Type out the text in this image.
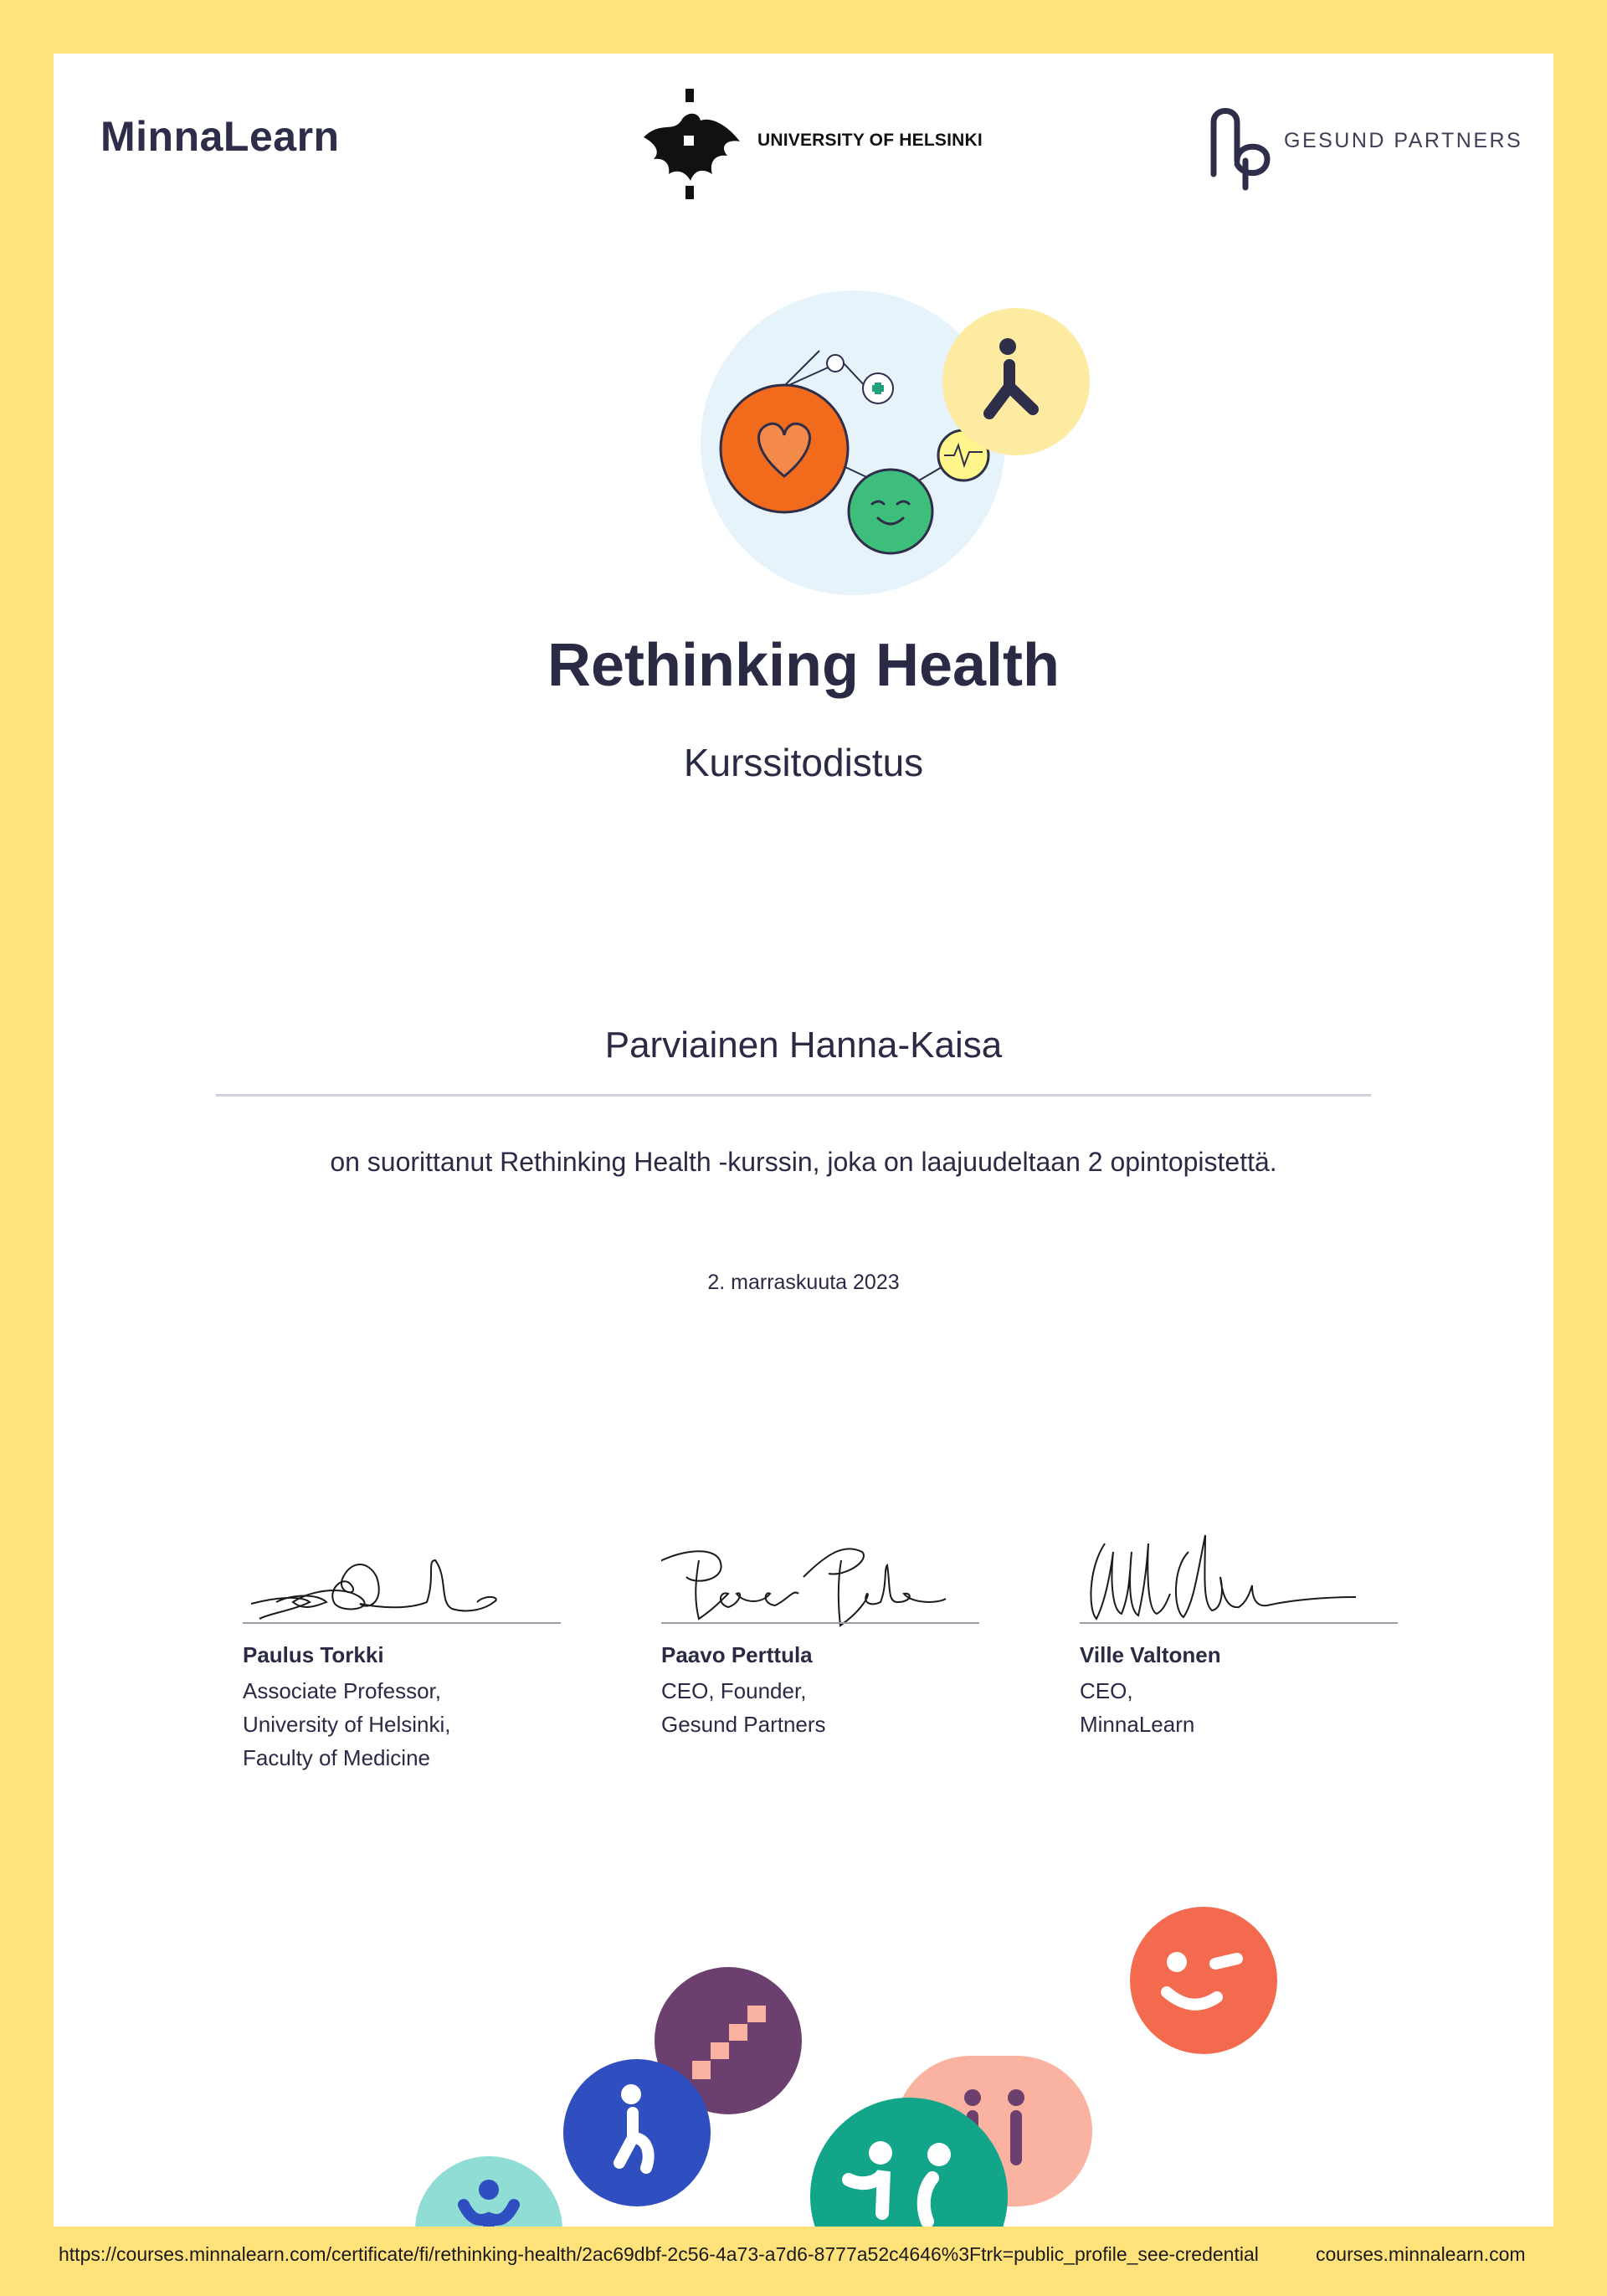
MinnaLearn	UNIVERSITY OF HELSINKI	GESUND PARTNERS
Rethinking Health
Kurssitodistus
Parviainen Hanna-Kaisa
on suorittanut Rethinking Health -kurssin, joka on laajuudeltaan 2 opintopistettä.
2. marraskuuta 2023
Paulus Torkki
Associate Professor,
University of Helsinki,
Faculty of Medicine
Paavo Perttula
CEO, Founder,
Gesund Partners
Ville Valtonen
CEO,
MinnaLearn
https://courses.minnalearn.com/certificate/fi/rethinking-health/2ac69dbf-2c56-4a73-a7d6-8777a52c4646%3Ftrk=public_profile_see-credential	courses.minnalearn.com
